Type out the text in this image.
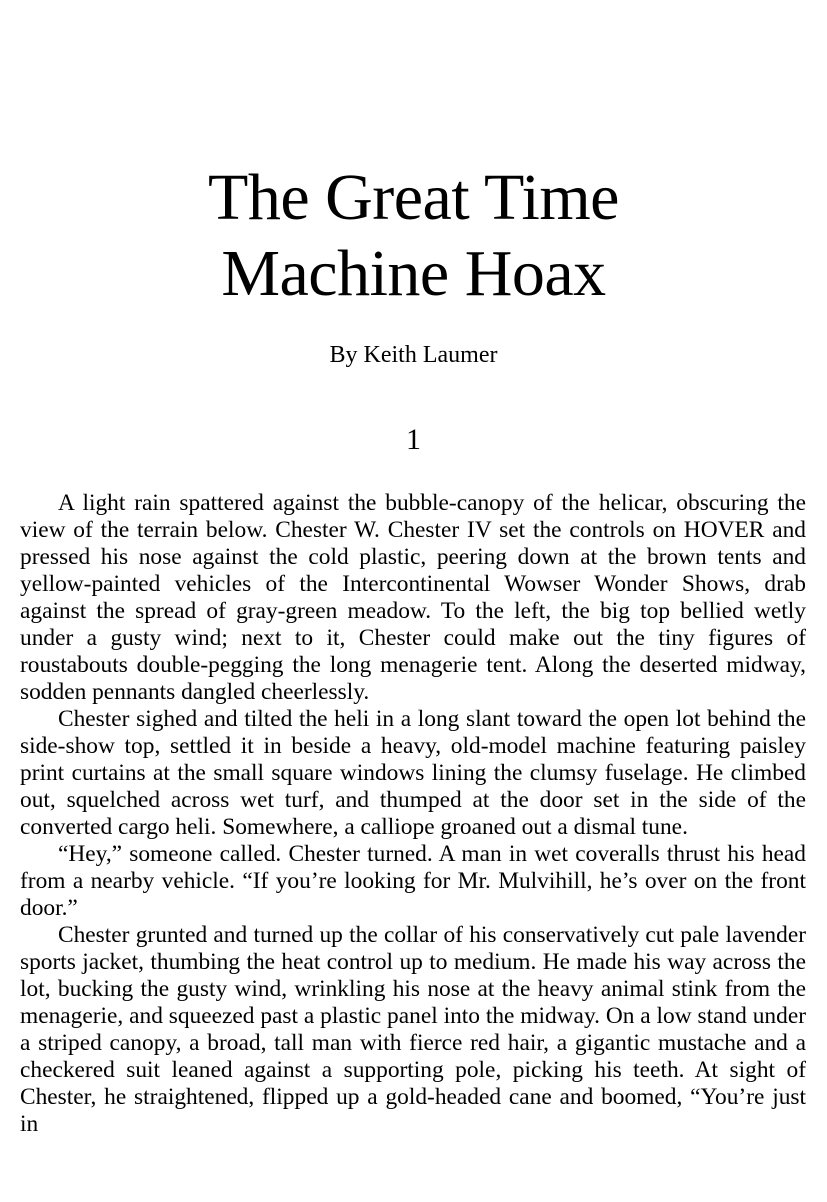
The Great Time
Machine Hoax
By Keith Laumer
1

A light rain spattered against the bubble-canopy of the helicar, obscuring the view of the terrain below. Chester W. Chester IV set the controls on HOVER and pressed his nose against the cold plastic, peering down at the brown tents and yellow-painted vehicles of the Intercontinental Wowser Wonder Shows, drab against the spread of gray-green meadow. To the left, the big top bellied wetly under a gusty wind; next to it, Chester could make out the tiny figures of roustabouts double-pegging the long menagerie tent. Along the deserted midway, sodden pennants dangled cheerlessly.

Chester sighed and tilted the heli in a long slant toward the open lot behind the side-show top, settled it in beside a heavy, old-model machine featuring paisley print curtains at the small square windows lining the clumsy fuselage. He climbed out, squelched across wet turf, and thumped at the door set in the side of the converted cargo heli. Somewhere, a calliope groaned out a dismal tune.

“Hey,” someone called. Chester turned. A man in wet coveralls thrust his head from a nearby vehicle. “If you’re looking for Mr. Mulvihill, he’s over on the front door.”

Chester grunted and turned up the collar of his conservatively cut pale lavender sports jacket, thumbing the heat control up to medium. He made his way across the lot, bucking the gusty wind, wrinkling his nose at the heavy animal stink from the menagerie, and squeezed past a plastic panel into the midway. On a low stand under a striped canopy, a broad, tall man with fierce red hair, a gigantic mustache and a checkered suit leaned against a supporting pole, picking his teeth. At sight of Chester, he straightened, flipped up a gold-headed cane and boomed, “You’re just in
